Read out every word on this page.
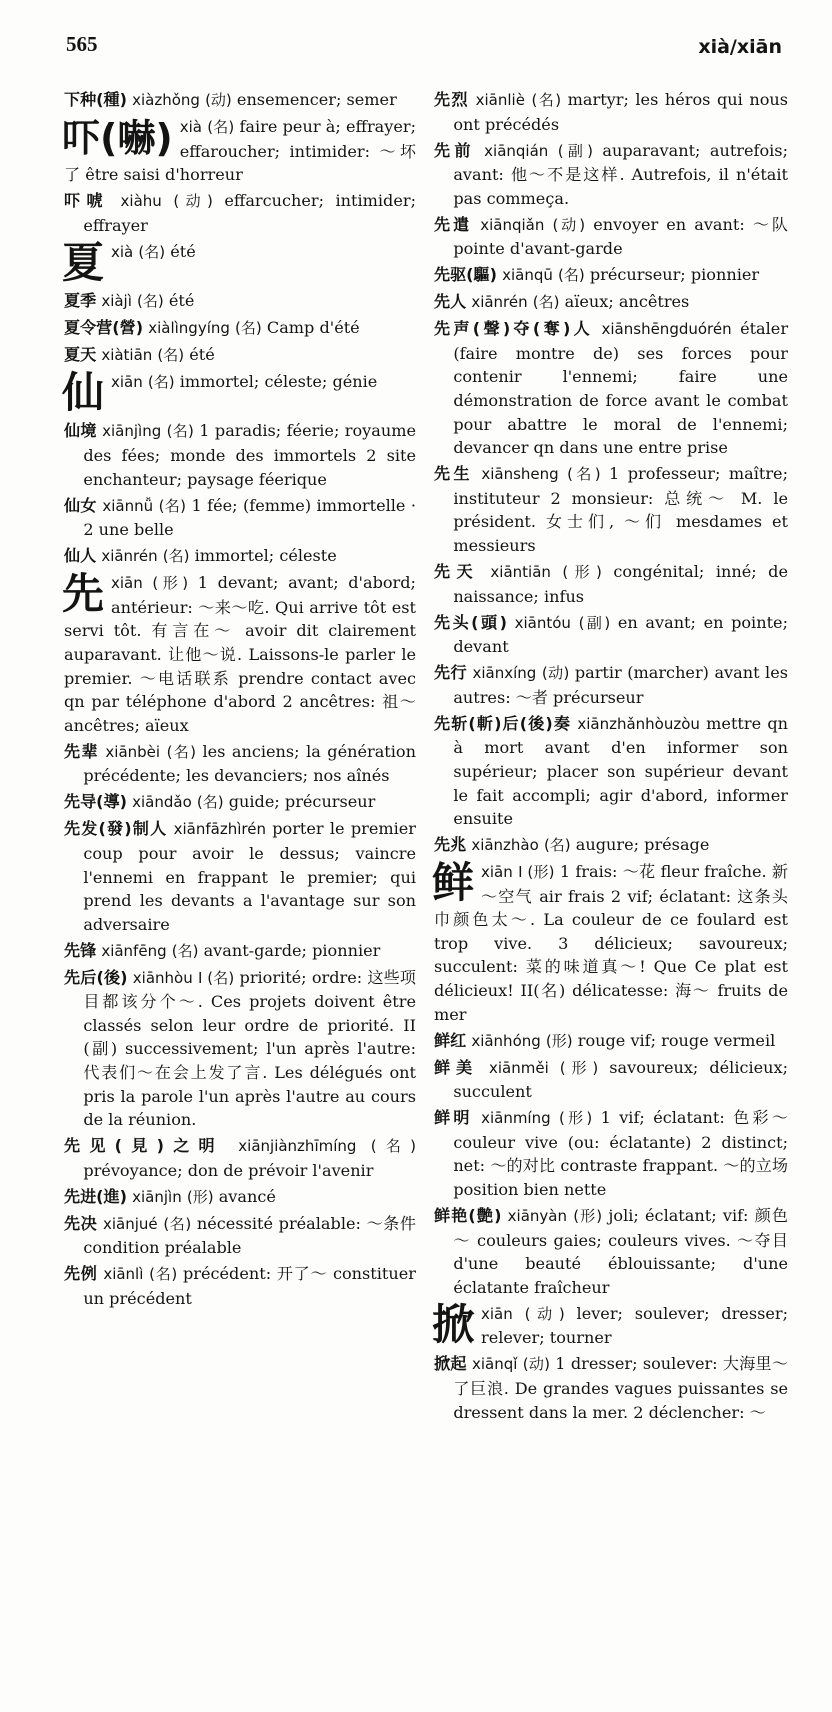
565	xià/xiān
下种(種) xiàzhǒng (动) ensemencer; semer
吓(嚇) xià (名) faire peur à; effrayer; effaroucher; intimider: ～坏了 être saisi d'horreur
吓唬 xiàhu (动) effarcucher; intimider; effrayer
夏xià (名) été
夏季 xiàjì (名) été
夏令营(營) xiàlìngyíng (名) Camp d'été
夏天 xiàtiān (名) été
仙xiān (名) immortel; céleste; génie
仙境 xiānjìng (名) 1 paradis; féerie; royaume des fées; monde des immortels 2 site enchanteur; paysage féerique
仙女 xiānnǚ (名) 1 fée; (femme) immortelle · 2 une belle
仙人 xiānrén (名) immortel; céleste
先xiān (形) 1 devant; avant; d'abord; antérieur: ～来～吃. Qui arrive tôt est servi tôt. 有言在～ avoir dit clairement auparavant. 让他～说. Laissons-le parler le premier. ～电话联系 prendre contact avec qn par téléphone d'abord 2 ancêtres: 祖～ ancêtres; aïeux
先辈 xiānbèi (名) les anciens; la génération précédente; les devanciers; nos aînés
先导(導) xiāndǎo (名) guide; précurseur
先发(發)制人 xiānfāzhìrén porter le premier coup pour avoir le dessus; vaincre l'ennemi en frappant le premier; qui prend les devants a l'avantage sur son adversaire
先锋 xiānfēng (名) avant-garde; pionnier
先后(後) xiānhòu I (名) priorité; ordre: 这些项目都该分个～. Ces projets doivent être classés selon leur ordre de priorité. II (副) successivement; l'un après l'autre: 代表们～在会上发了言. Les délégués ont pris la parole l'un après l'autre au cours de la réunion.
先见(見)之明 xiānjiànzhīmíng (名) prévoyance; don de prévoir l'avenir
先进(進) xiānjìn (形) avancé
先决 xiānjué (名) nécessité préalable: ～条件 condition préalable
先例 xiānlì (名) précédent: 开了～ constituer un précédent
先烈 xiānliè (名) martyr; les héros qui nous ont précédés
先前 xiānqián (副) auparavant; autrefois; avant: 他～不是这样. Autrefois, il n'était pas commeça.
先遣 xiānqiǎn (动) envoyer en avant: ～队 pointe d'avant-garde
先驱(驅) xiānqū (名) précurseur; pionnier
先人 xiānrén (名) aïeux; ancêtres
先声(聲)夺(奪)人 xiānshēngduórén étaler (faire montre de) ses forces pour contenir l'ennemi; faire une démonstration de force avant le combat pour abattre le moral de l'ennemi; devancer qn dans une entre prise
先生 xiānsheng (名) 1 professeur; maître; instituteur 2 monsieur: 总统～ M. le président. 女士们, ～们 mesdames et messieurs
先天 xiāntiān (形) congénital; inné; de naissance; infus
先头(頭) xiāntóu (副) en avant; en pointe; devant
先行 xiānxíng (动) partir (marcher) avant les autres: ～者 précurseur
先斩(斬)后(後)奏 xiānzhǎnhòuzòu mettre qn à mort avant d'en informer son supérieur; placer son supérieur devant le fait accompli; agir d'abord, informer ensuite
先兆 xiānzhào (名) augure; présage
鲜xiān I (形) 1 frais: ～花 fleur fraîche. 新～空气 air frais 2 vif; éclatant: 这条头巾颜色太～. La couleur de ce foulard est trop vive. 3 délicieux; savoureux; succulent: 菜的味道真～! Que Ce plat est délicieux! II(名) délicatesse: 海～ fruits de mer
鲜红 xiānhóng (形) rouge vif; rouge vermeil
鲜美 xiānměi (形) savoureux; délicieux; succulent
鲜明 xiānmíng (形) 1 vif; éclatant: 色彩～ couleur vive (ou: éclatante) 2 distinct; net: ～的对比 contraste frappant. ～的立场 position bien nette
鲜艳(艶) xiānyàn (形) joli; éclatant; vif: 颜色～ couleurs gaies; couleurs vives. ～夺目 d'une beauté éblouissante; d'une éclatante fraîcheur
掀xiān (动) lever; soulever; dresser; relever; tourner
掀起 xiānqǐ (动) 1 dresser; soulever: 大海里～了巨浪. De grandes vagues puissantes se dressent dans la mer. 2 déclencher: ～
